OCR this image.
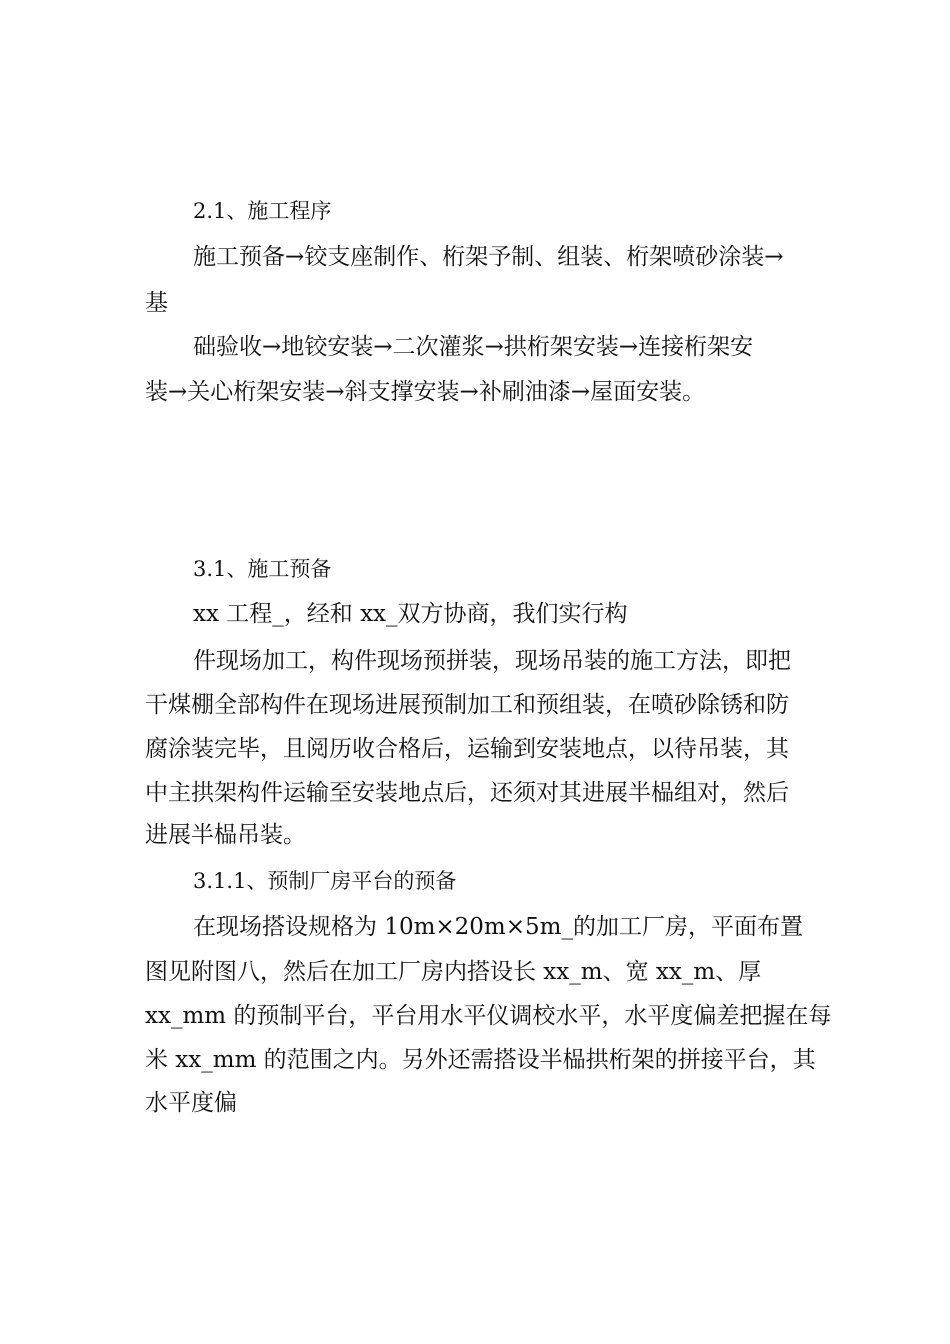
2.1、施工程序
施工预备→铰支座制作、桁架予制、组装、桁架喷砂涂装→
基
础验收→地铰安装→二次灌浆→拱桁架安装→连接桁架安
装→关心桁架安装→斜支撑安装→补刷油漆→屋面安装。
3.1、施工预备
xx 工程_，经和 xx_双方协商，我们实行构
件现场加工，构件现场预拼装，现场吊装的施工方法，即把
干煤棚全部构件在现场进展预制加工和预组装，在喷砂除锈和防
腐涂装完毕，且阅历收合格后，运输到安装地点，以待吊装，其
中主拱架构件运输至安装地点后，还须对其进展半榀组对，然后
进展半榀吊装。
3.1.1、预制厂房平台的预备
在现场搭设规格为 10m×20m×5m_的加工厂房，平面布置
图见附图八，然后在加工厂房内搭设长 xx_m、宽 xx_m、厚
xx_mm 的预制平台，平台用水平仪调校水平，水平度偏差把握在每
米 xx_mm 的范围之内。另外还需搭设半榀拱桁架的拼接平台，其
水平度偏
